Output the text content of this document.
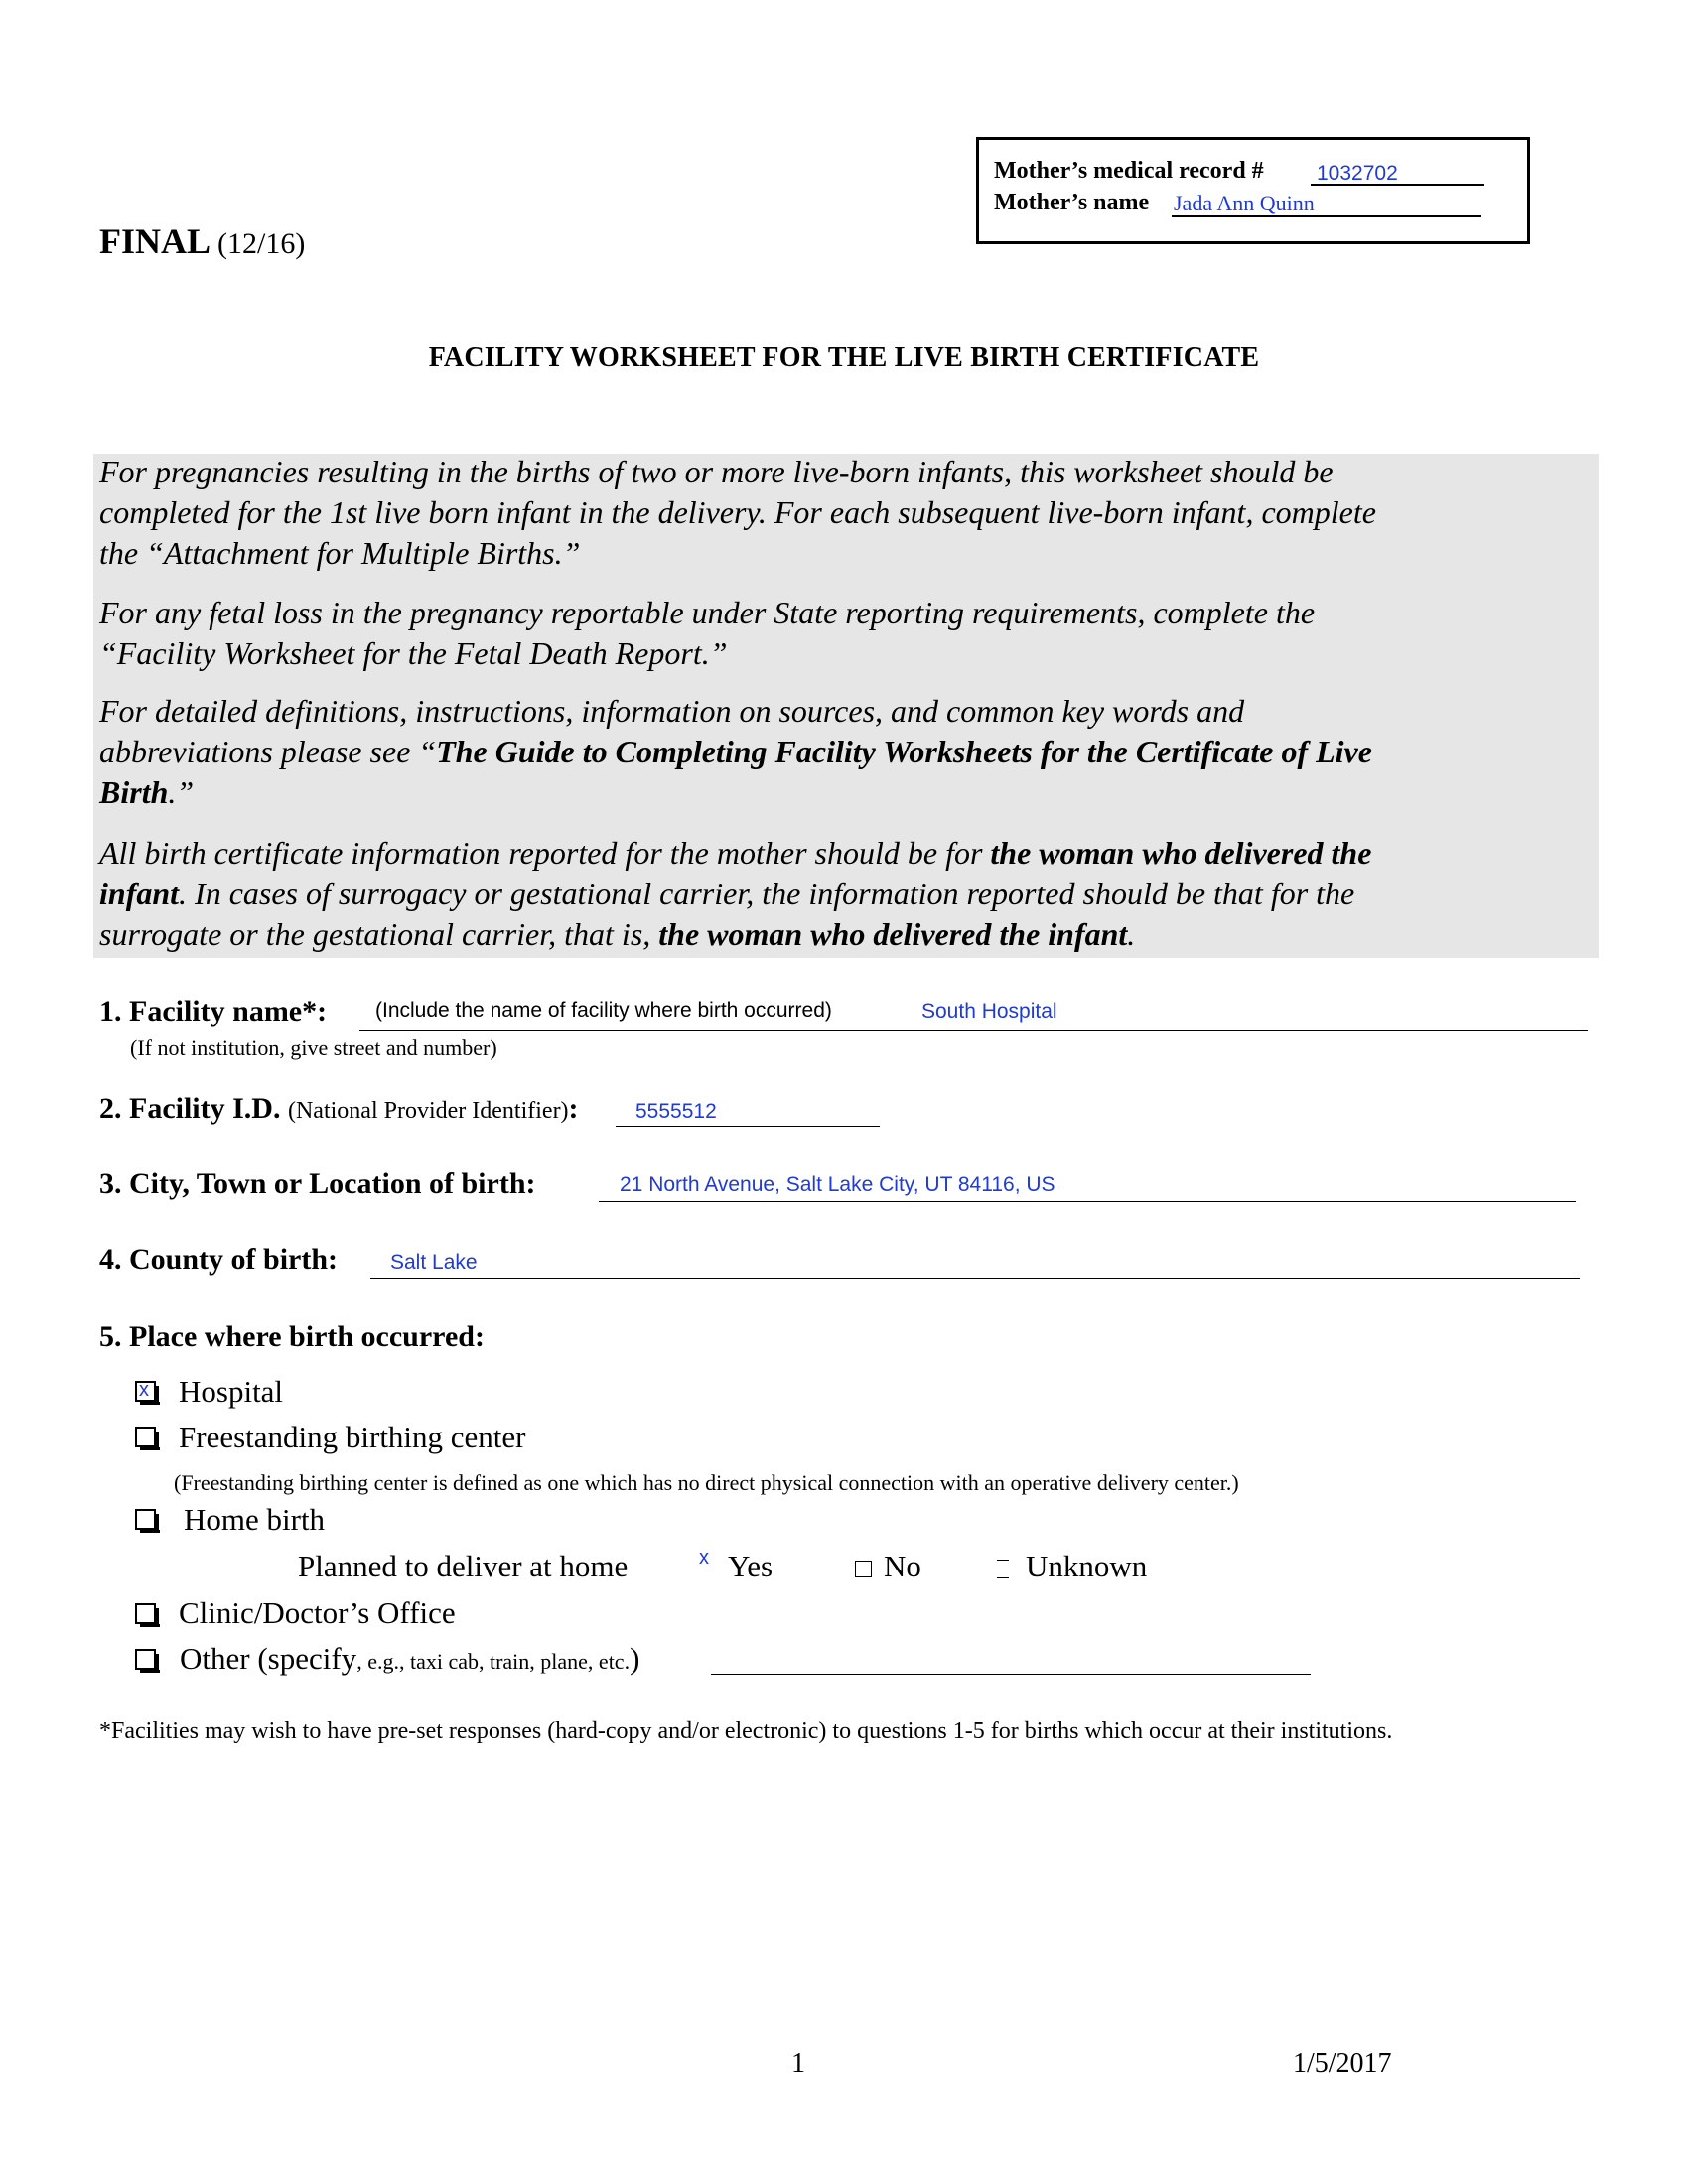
Mother’s medical record #	1032702
Mother’s name Jada Ann Quinn
FINAL (12/16)
FACILITY WORKSHEET FOR THE LIVE BIRTH CERTIFICATE
For pregnancies resulting in the births of two or more live-born infants, this worksheet should be
completed for the 1st live born infant in the delivery. For each subsequent live-born infant, complete
the “Attachment for Multiple Births.”
For any fetal loss in the pregnancy reportable under State reporting requirements, complete the
“Facility Worksheet for the Fetal Death Report.”
For detailed definitions, instructions, information on sources, and common key words and
abbreviations please see “The Guide to Completing Facility Worksheets for the Certificate of Live
Birth.”
All birth certificate information reported for the mother should be for the woman who delivered the
infant. In cases of surrogacy or gestational carrier, the information reported should be that for the
surrogate or the gestational carrier, that is, the woman who delivered the infant.
1. Facility name*: (Include the name of facility where birth occurred)	South Hospital
(If not institution, give street and number)
2. Facility I.D. (National Provider Identifier):	5555512
3. City, Town or Location of birth:	21 North Avenue, Salt Lake City, UT 84116, US
4. County of birth:	Salt Lake
5. Place where birth occurred:
x Hospital
Freestanding birthing center
(Freestanding birthing center is defined as one which has no direct physical connection with an operative delivery center.)
Home birth
Planned to deliver at home	x Yes	No	Unknown
Clinic/Doctor’s Office
Other (specify, e.g., taxi cab, train, plane, etc.)
*Facilities may wish to have pre-set responses (hard-copy and/or electronic) to questions 1-5 for births which occur at their institutions.
1	1/5/2017
